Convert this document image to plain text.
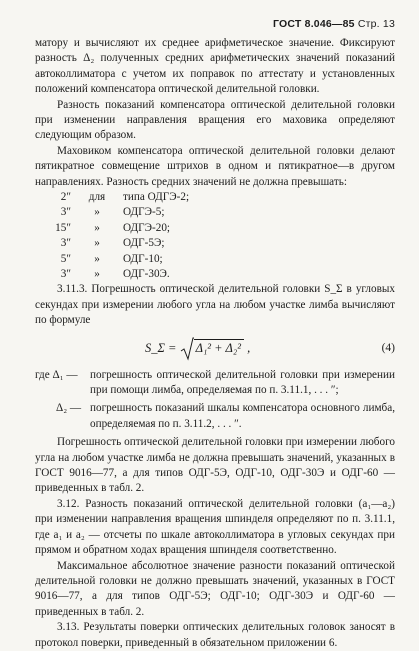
ГОСТ 8.046—85 Стр. 13

матору и вычисляют их среднее арифметическое значение. Фиксируют разность Δ₂ полученных средних арифметических значений показаний автоколлиматора с учетом их поправок по аттестату и установленных положений компенсатора оптической делительной головки.

Разность показаний компенсатора оптической делительной головки при изменении направления вращения его маховика определяют следующим образом.

Маховиком компенсатора оптической делительной головки делают пятикратное совмещение штрихов в одном и пятикратное—в другом направлениях. Разность средних значений не должна превышать:

2″	для	типа ОДГЭ-2;
3″	»	ОДГЭ-5;
15″	»	ОДГЭ-20;
3″	»	ОДГ-5Э;
5″	»	ОДГ-10;
3″	»	ОДГ-30Э.

3.11.3. Погрешность оптической делительной головки S_Σ в угловых секундах при измерении любого угла на любом участке лимба вычисляют по формуле

S_Σ = Δ₁² + Δ₂² ,	(4)
где Δ₁ —	погрешность оптической делительной головки при измерении при помощи лимба, определяемая по п. 3.11.1, . . . ″;
Δ₂ — погрешность показаний шкалы компенсатора основного лимба, определяемая по п. 3.11.2, . . . ″.

Погрешность оптической делительной головки при измерении любого угла на любом участке лимба не должна превышать значений, указанных в ГОСТ 9016—77, а для типов ОДГ-5Э, ОДГ-10, ОДГ-30Э и ОДГ-60 — приведенных в табл. 2.

3.12. Разность показаний оптической делительной головки (a₁—a₂) при изменении направления вращения шпинделя определяют по п. 3.11.1, где a₁ и a₂ — отсчеты по шкале автоколлиматора в угловых секундах при прямом и обратном ходах вращения шпинделя соответственно.

Максимальное абсолютное значение разности показаний оптической делительной головки не должно превышать значений, указанных в ГОСТ 9016—77, а для типов ОДГ-5Э; ОДГ-10; ОДГ-30Э и ОДГ-60 — приведенных в табл. 2.

3.13. Результаты поверки оптических делительных головок заносят в протокол поверки, приведенный в обязательном приложении 6.
